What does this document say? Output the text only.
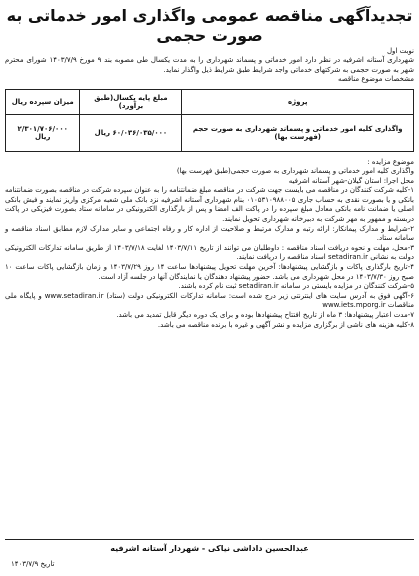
تجدیدآگهی مناقصه عمومی واگذاری امور خدماتی به صورت حجمی
نوبت اول

شهرداری آستانه اشرفیه در نظر دارد امور خدماتی و پسماند شهرداری را به مدت یکسال طی مصوبه بند ۹ مورخ ۱۴۰۳/۷/۹ شورای محترم شهر به صورت حجمی به شرکتهای خدماتی واجد شرایط طبق شرایط ذیل واگذار نماید.

مشخصات موضوع مناقصه
پروژه	مبلغ پایه یکسال(طبق برآورد)	میزان سپرده ریال
واگذاری کلیه امور خدماتی و پسماند شهرداری به صورت حجم (فهرست بها)	۶۰/۰۳۶/۰۳۵/۰۰۰ ریال	۲/۳۰۱/۷۰۶/۰۰۰ ریال
موضوع مزایده :
واگذاری کلیه امور خدماتی و پسماند شهرداری به صورت حجمی(طبق فهرست بها)
محل اجرا: استان گیلان-شهر آستانه اشرفیه

۱-کلیه شرکت کنندگان در مناقصه می بایست جهت شرکت در مناقصه مبلغ ضمانتنامه را به عنوان سپرده شرکت در مناقصه بصورت ضمانتنامه بانکی و یا بصورت نقدی به حساب جاری ۰۱۰۵۳۱۰۹۸۸۰۰۵ بنام شهرداری آستانه اشرفیه نزد بانک ملی شعبه مرکزی واریز نمایند و فیش بانکی اصلی یا ضمانت نامه بانکی معادل مبلغ سپرده را در پاکت الف امضا و پس از بارگذاری الکترونیکی در سامانه ستاد بصورت فیزیکی در پاکت دربسته و ممهور به مهر شرکت به دبیرخانه شهرداری تحویل نمایند.

۲-شرایط و مدارک پیمانکار: ارائه رتبه و مدارک مرتبط و صلاحیت از اداره کار و رفاه اجتماعی و سایر مدارک لازم مطابق اسناد مناقصه و سامانه ستاد.

۳-محل، مهلت و نحوه دریافت اسناد مناقصه : داوطلبان می توانند از تاریخ ۱۴۰۳/۷/۱۱ لغایت ۱۴۰۳/۷/۱۸ از طریق سامانه تدارکات الکترونیکی دولت به نشانی setadiran.ir اسناد مناقصه را دریافت نمایند.

۴-تاریخ بارگذاری پاکات و بازگشایی پیشنهادها: آخرین مهلت تحویل پیشنهادها ساعت ۱۴ روز ۱۴۰۳/۷/۲۹ و زمان بازگشایی پاکات ساعت ۱۰ صبح روز ۱۴۰۳/۷/۳۰ در محل شهرداری می باشد. حضور پیشنهاد دهندگان یا نمایندگان آنها در جلسه آزاد است.

۵-شرکت کنندگان در مزایده بایستی در سامانه setadiran.ir ثبت نام کرده باشند.

۶-آگهی فوق به آدرس سایت های اینترنتی زیر درج شده است: سامانه تدارکات الکترونیکی دولت (ستاد) www.setadiran.ir و پایگاه ملی مناقصات www.iets.mporg.ir

۷-مدت اعتبار پیشنهادها: ۳ ماه از تاریخ افتتاح پیشنهادها بوده و برای یک دوره دیگر قابل تمدید می باشد.

۸-کلیه هزینه های ناشی از برگزاری مزایده و نشر آگهی و غیره با برنده مناقصه می باشد.

عبدالحسین داداشی نیاکی - شهردار آستانه اشرفیه
تاریخ ۱۴۰۳/۷/۹
